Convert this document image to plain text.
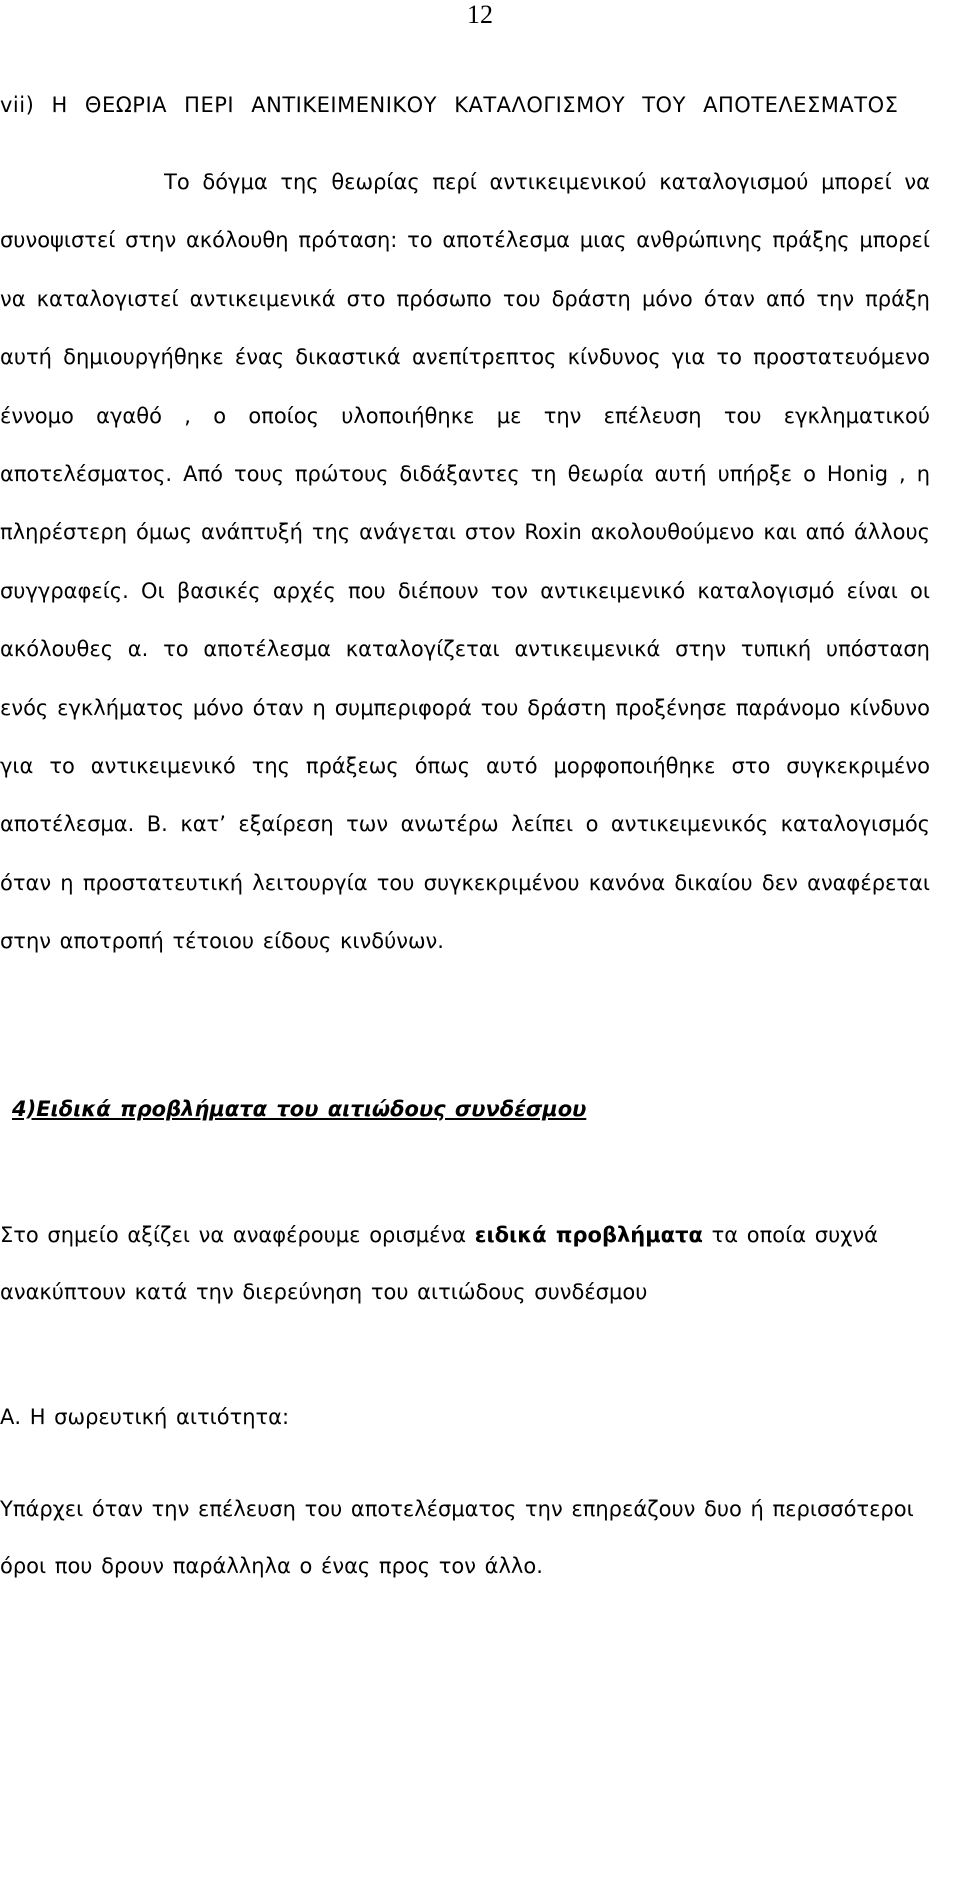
12

vii) Η ΘΕΩΡΙΑ ΠΕΡΙ ΑΝΤΙΚΕΙΜΕΝΙΚΟΥ ΚΑΤΑΛΟΓΙΣΜΟΥ ΤΟΥ ΑΠΟΤΕΛΕΣΜΑΤΟΣ

Το δόγμα της θεωρίας περί αντικειμενικού καταλογισμού μπορεί να συνοψιστεί στην ακόλουθη πρόταση: το αποτέλεσμα μιας ανθρώπινης πράξης μπορεί να καταλογιστεί αντικειμενικά στο πρόσωπο του δράστη μόνο όταν από την πράξη αυτή δημιουργήθηκε ένας δικαστικά ανεπίτρεπτος κίνδυνος για το προστατευόμενο έννομο αγαθό , ο οποίος υλοποιήθηκε με την επέλευση του εγκληματικού αποτελέσματος. Από τους πρώτους διδάξαντες τη θεωρία αυτή υπήρξε ο Honig , η πληρέστερη όμως ανάπτυξή της ανάγεται στον Roxin ακολουθούμενο και από άλλους συγγραφείς. Οι βασικές αρχές που διέπουν τον αντικειμενικό καταλογισμό είναι οι ακόλουθες α. το αποτέλεσμα καταλογίζεται αντικειμενικά στην τυπική υπόσταση ενός εγκλήματος μόνο όταν η συμπεριφορά του δράστη προξένησε παράνομο κίνδυνο για το αντικειμενικό της πράξεως όπως αυτό μορφοποιήθηκε στο συγκεκριμένο αποτέλεσμα. Β. κατ’ εξαίρεση των ανωτέρω λείπει ο αντικειμενικός καταλογισμός όταν η προστατευτική λειτουργία του συγκεκριμένου κανόνα δικαίου δεν αναφέρεται στην αποτροπή τέτοιου είδους κινδύνων.

4)Ειδικά προβλήματα του αιτιώδους συνδέσμου

Στο σημείο αξίζει να αναφέρουμε ορισμένα ειδικά προβλήματα τα οποία συχνά ανακύπτουν κατά την διερεύνηση του αιτιώδους συνδέσμου

Α. Η σωρευτική αιτιότητα:

Υπάρχει όταν την επέλευση του αποτελέσματος την επηρεάζουν δυο ή περισσότεροι όροι που δρουν παράλληλα ο ένας προς τον άλλο.
